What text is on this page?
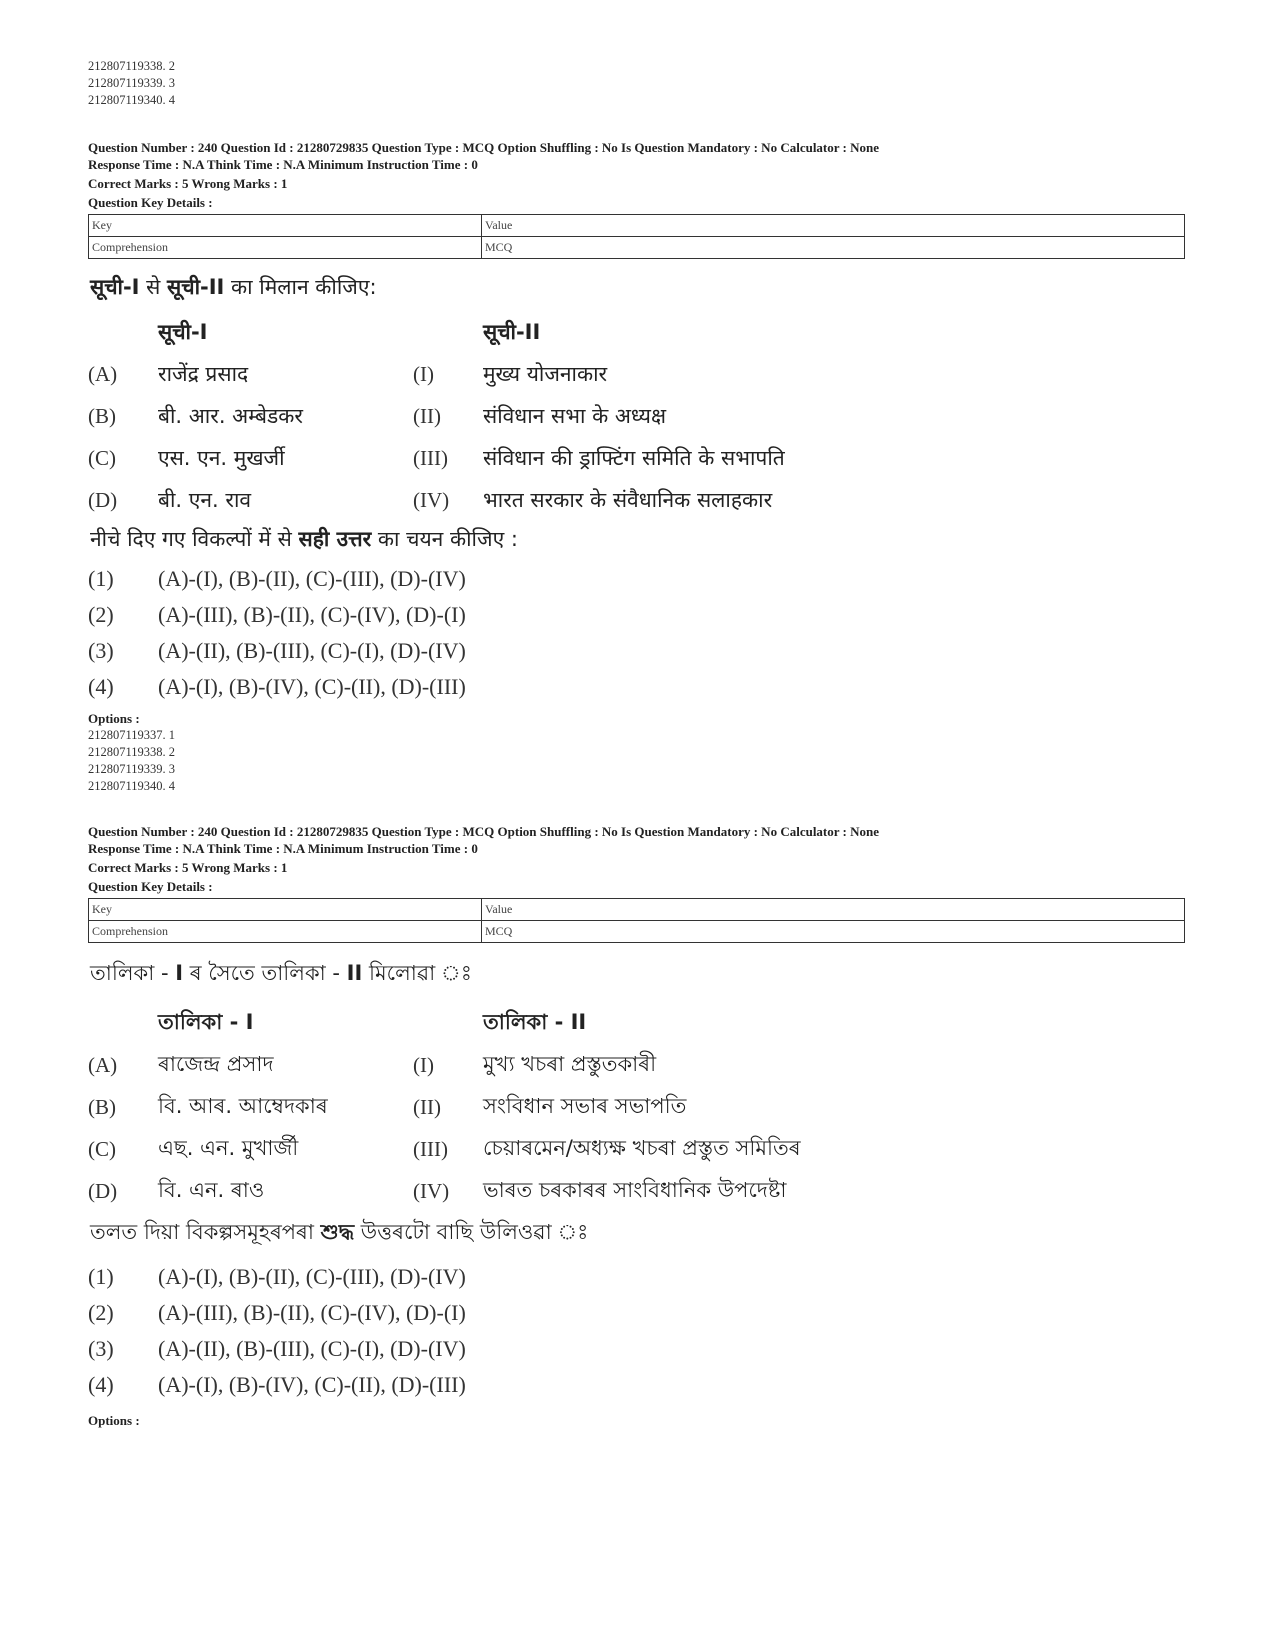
212807119338. 2
212807119339. 3
212807119340. 4
Question Number : 240 Question Id : 21280729835 Question Type : MCQ Option Shuffling : No Is Question Mandatory : No Calculator : None
Response Time : N.A Think Time : N.A Minimum Instruction Time : 0
Correct Marks : 5 Wrong Marks : 1
Question Key Details :
Key	Value
Comprehension	MCQ
सूची-I से सूची-II का मिलान कीजिए:
सूची-I	सूची-II
(A)	राजेंद्र प्रसाद	(I)	मुख्य योजनाकार
(B)	बी. आर. अम्बेडकर	(II)	संविधान सभा के अध्यक्ष
(C)	एस. एन. मुखर्जी	(III)	संविधान की ड्राफ्टिंग समिति के सभापति
(D)	बी. एन. राव	(IV)	भारत सरकार के संवैधानिक सलाहकार
नीचे दिए गए विकल्पों में से सही उत्तर का चयन कीजिए :
(1)	(A)-(I), (B)-(II), (C)-(III), (D)-(IV)
(2)	(A)-(III), (B)-(II), (C)-(IV), (D)-(I)
(3)	(A)-(II), (B)-(III), (C)-(I), (D)-(IV)
(4)	(A)-(I), (B)-(IV), (C)-(II), (D)-(III)
Options :
212807119337. 1
212807119338. 2
212807119339. 3
212807119340. 4
Question Number : 240 Question Id : 21280729835 Question Type : MCQ Option Shuffling : No Is Question Mandatory : No Calculator : None
Response Time : N.A Think Time : N.A Minimum Instruction Time : 0
Correct Marks : 5 Wrong Marks : 1
Question Key Details :
Key	Value
Comprehension	MCQ
তালিকা - I ৰ সৈতে তালিকা - II মিলোৱা ঃ
তালিকা - I	তালিকা - II
(A)	ৰাজেন্দ্ৰ প্ৰসাদ	(I)	মুখ্য খচৰা প্ৰস্তুতকাৰী
(B)	বি. আৰ. আম্বেদকাৰ	(II)	সংবিধান সভাৰ সভাপতি
(C)	এছ. এন. মুখাৰ্জী	(III)	চেয়াৰমেন/অধ্যক্ষ খচৰা প্ৰস্তুত সমিতিৰ
(D)	বি. এন. ৰাও	(IV)	ভাৰত চৰকাৰৰ সাংবিধানিক উপদেষ্টা
তলত দিয়া বিকল্পসমূহৰপৰা শুদ্ধ উত্তৰটো বাছি উলিওৱা ঃ
(1)	(A)-(I), (B)-(II), (C)-(III), (D)-(IV)
(2)	(A)-(III), (B)-(II), (C)-(IV), (D)-(I)
(3)	(A)-(II), (B)-(III), (C)-(I), (D)-(IV)
(4)	(A)-(I), (B)-(IV), (C)-(II), (D)-(III)
Options :
